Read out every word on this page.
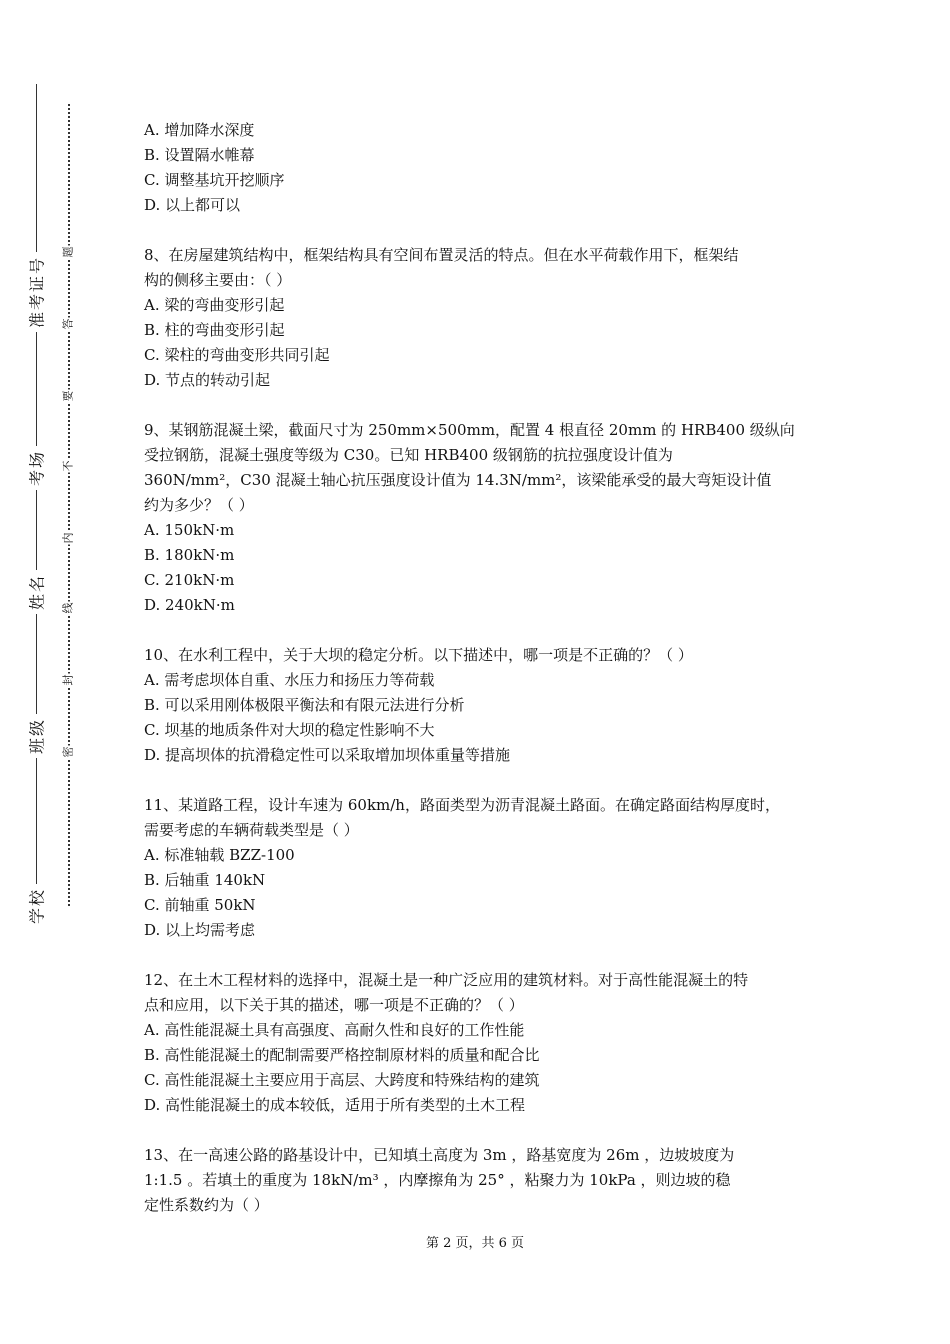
准考证号
考场
姓名
班级
学校
题
答
要
不
内
线
封
密

A. 增加降水深度

B. 设置隔水帷幕

C. 调整基坑开挖顺序

D. 以上都可以

8、在房屋建筑结构中，框架结构具有空间布置灵活的特点。但在水平荷载作用下，框架结

构的侧移主要由：（ ）

A. 梁的弯曲变形引起

B. 柱的弯曲变形引起

C. 梁柱的弯曲变形共同引起

D. 节点的转动引起

9、某钢筋混凝土梁，截面尺寸为 250mm×500mm，配置 4 根直径 20mm 的 HRB400 级纵向

受拉钢筋，混凝土强度等级为 C30。已知 HRB400 级钢筋的抗拉强度设计值为

360N/mm²，C30 混凝土轴心抗压强度设计值为 14.3N/mm²，该梁能承受的最大弯矩设计值

约为多少？（ ）

A. 150kN·m

B. 180kN·m

C. 210kN·m

D. 240kN·m

10、在水利工程中，关于大坝的稳定分析。以下描述中，哪一项是不正确的？（ ）

A. 需考虑坝体自重、水压力和扬压力等荷载

B. 可以采用刚体极限平衡法和有限元法进行分析

C. 坝基的地质条件对大坝的稳定性影响不大

D. 提高坝体的抗滑稳定性可以采取增加坝体重量等措施

11、某道路工程，设计车速为 60km/h，路面类型为沥青混凝土路面。在确定路面结构厚度时，

需要考虑的车辆荷载类型是（ ）

A. 标准轴载 BZZ-100

B. 后轴重 140kN

C. 前轴重 50kN

D. 以上均需考虑

12、在土木工程材料的选择中，混凝土是一种广泛应用的建筑材料。对于高性能混凝土的特

点和应用，以下关于其的描述，哪一项是不正确的？（ ）

A. 高性能混凝土具有高强度、高耐久性和良好的工作性能

B. 高性能混凝土的配制需要严格控制原材料的质量和配合比

C. 高性能混凝土主要应用于高层、大跨度和特殊结构的建筑

D. 高性能混凝土的成本较低，适用于所有类型的土木工程

13、在一高速公路的路基设计中，已知填土高度为 3m ，路基宽度为 26m ，边坡坡度为

1:1.5 。若填土的重度为 18kN/m³ ，内摩擦角为 25° ，粘聚力为 10kPa ，则边坡的稳

定性系数约为（ ）

第 2 页，共 6 页
